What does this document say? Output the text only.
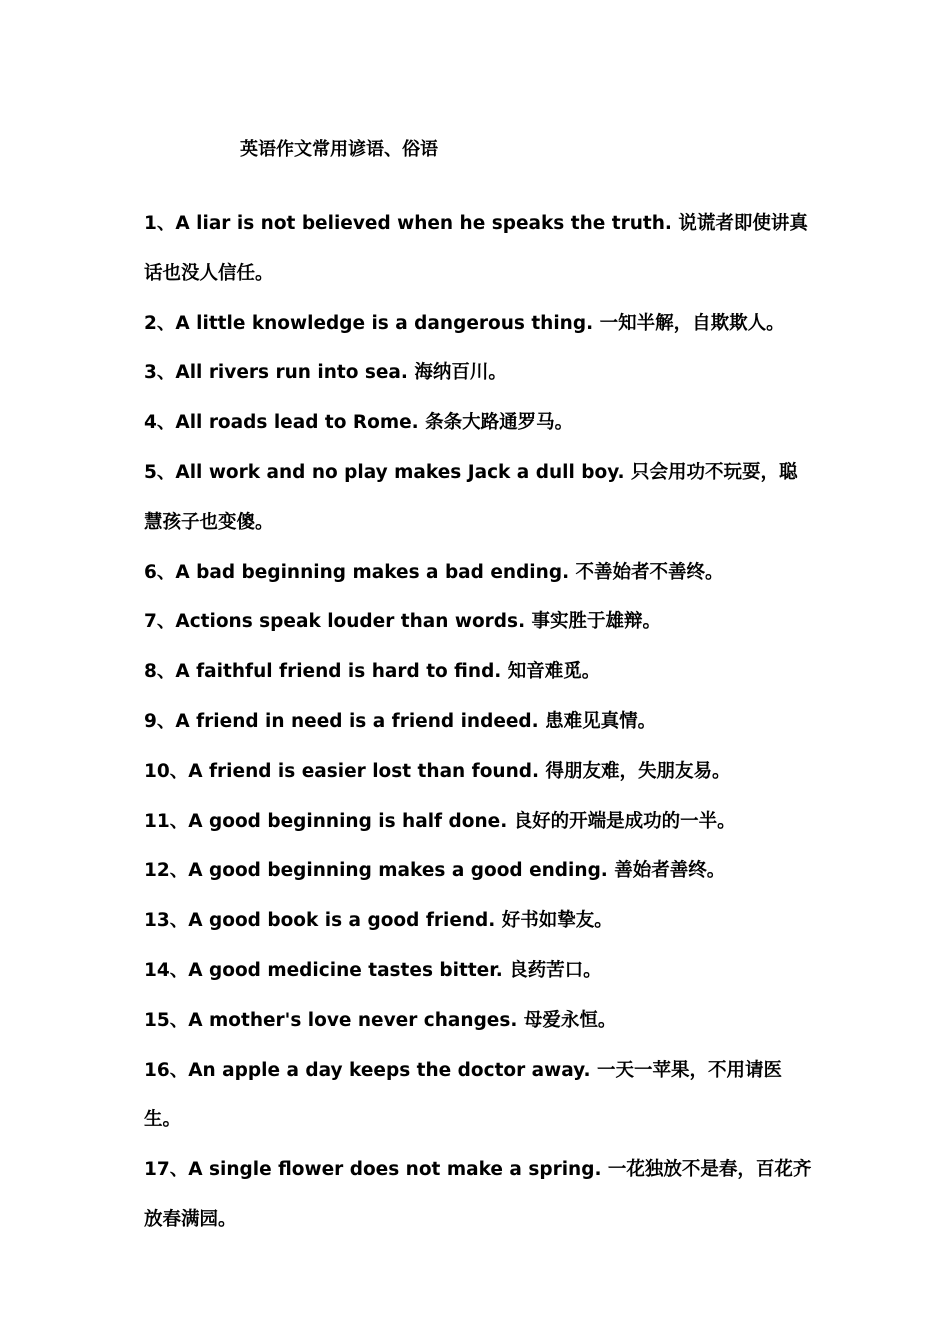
英语作文常用谚语、俗语
1、A liar is not believed when he speaks the truth. 说谎者即使讲真话也没人信任。
2、A little knowledge is a dangerous thing. 一知半解，自欺欺人。
3、All rivers run into sea. 海纳百川。
4、All roads lead to Rome. 条条大路通罗马。
5、All work and no play makes Jack a dull boy. 只会用功不玩耍，聪慧孩子也变傻。
6、A bad beginning makes a bad ending. 不善始者不善终。
7、Actions speak louder than words. 事实胜于雄辩。
8、A faithful friend is hard to find. 知音难觅。
9、A friend in need is a friend indeed. 患难见真情。
10、A friend is easier lost than found. 得朋友难，失朋友易。
11、A good beginning is half done. 良好的开端是成功的一半。
12、A good beginning makes a good ending. 善始者善终。
13、A good book is a good friend. 好书如挚友。
14、A good medicine tastes bitter. 良药苦口。
15、A mother's love never changes. 母爱永恒。
16、An apple a day keeps the doctor away. 一天一苹果，不用请医生。
17、A single flower does not make a spring. 一花独放不是春，百花齐放春满园。
